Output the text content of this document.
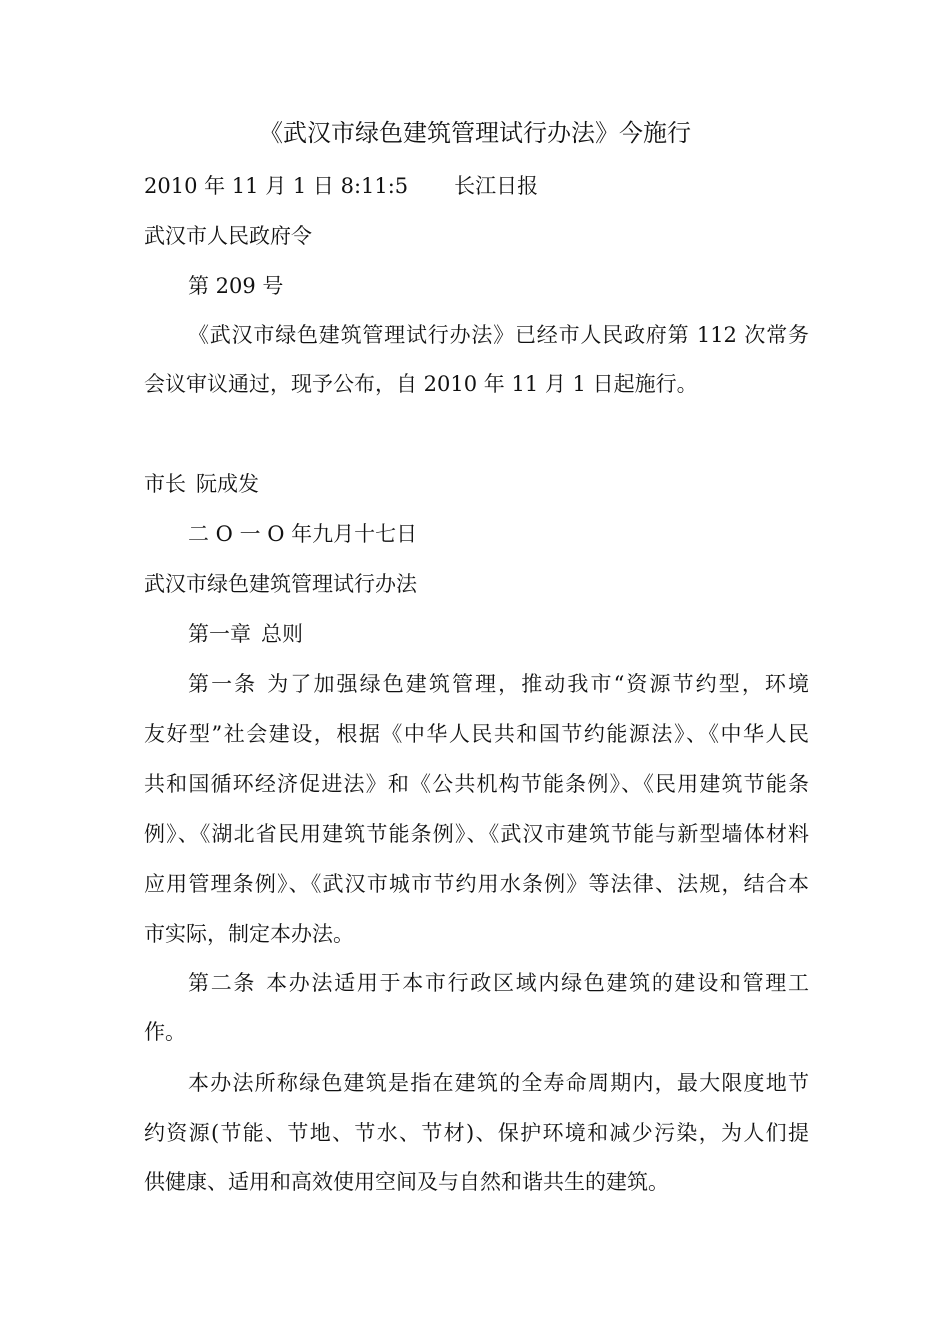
《武汉市绿色建筑管理试行办法》今施行
2010 年 11 月 1 日 8:11:5 长江日报
武汉市人民政府令
第 209 号
《武汉市绿色建筑管理试行办法》已经市人民政府第 112 次常务
会议审议通过，现予公布，自 2010 年 11 月 1 日起施行。
市长 阮成发
二 O 一 O 年九月十七日
武汉市绿色建筑管理试行办法
第一章 总则
第一条 为了加强绿色建筑管理，推动我市“资源节约型，环境
友好型”社会建设，根据《中华人民共和国节约能源法》、《中华人民
共和国循环经济促进法》和《公共机构节能条例》、《民用建筑节能条
例》、《湖北省民用建筑节能条例》、《武汉市建筑节能与新型墙体材料
应用管理条例》、《武汉市城市节约用水条例》等法律、法规，结合本
市实际，制定本办法。
第二条 本办法适用于本市行政区域内绿色建筑的建设和管理工
作。
本办法所称绿色建筑是指在建筑的全寿命周期内，最大限度地节
约资源(节能、节地、节水、节材)、保护环境和减少污染，为人们提
供健康、适用和高效使用空间及与自然和谐共生的建筑。
